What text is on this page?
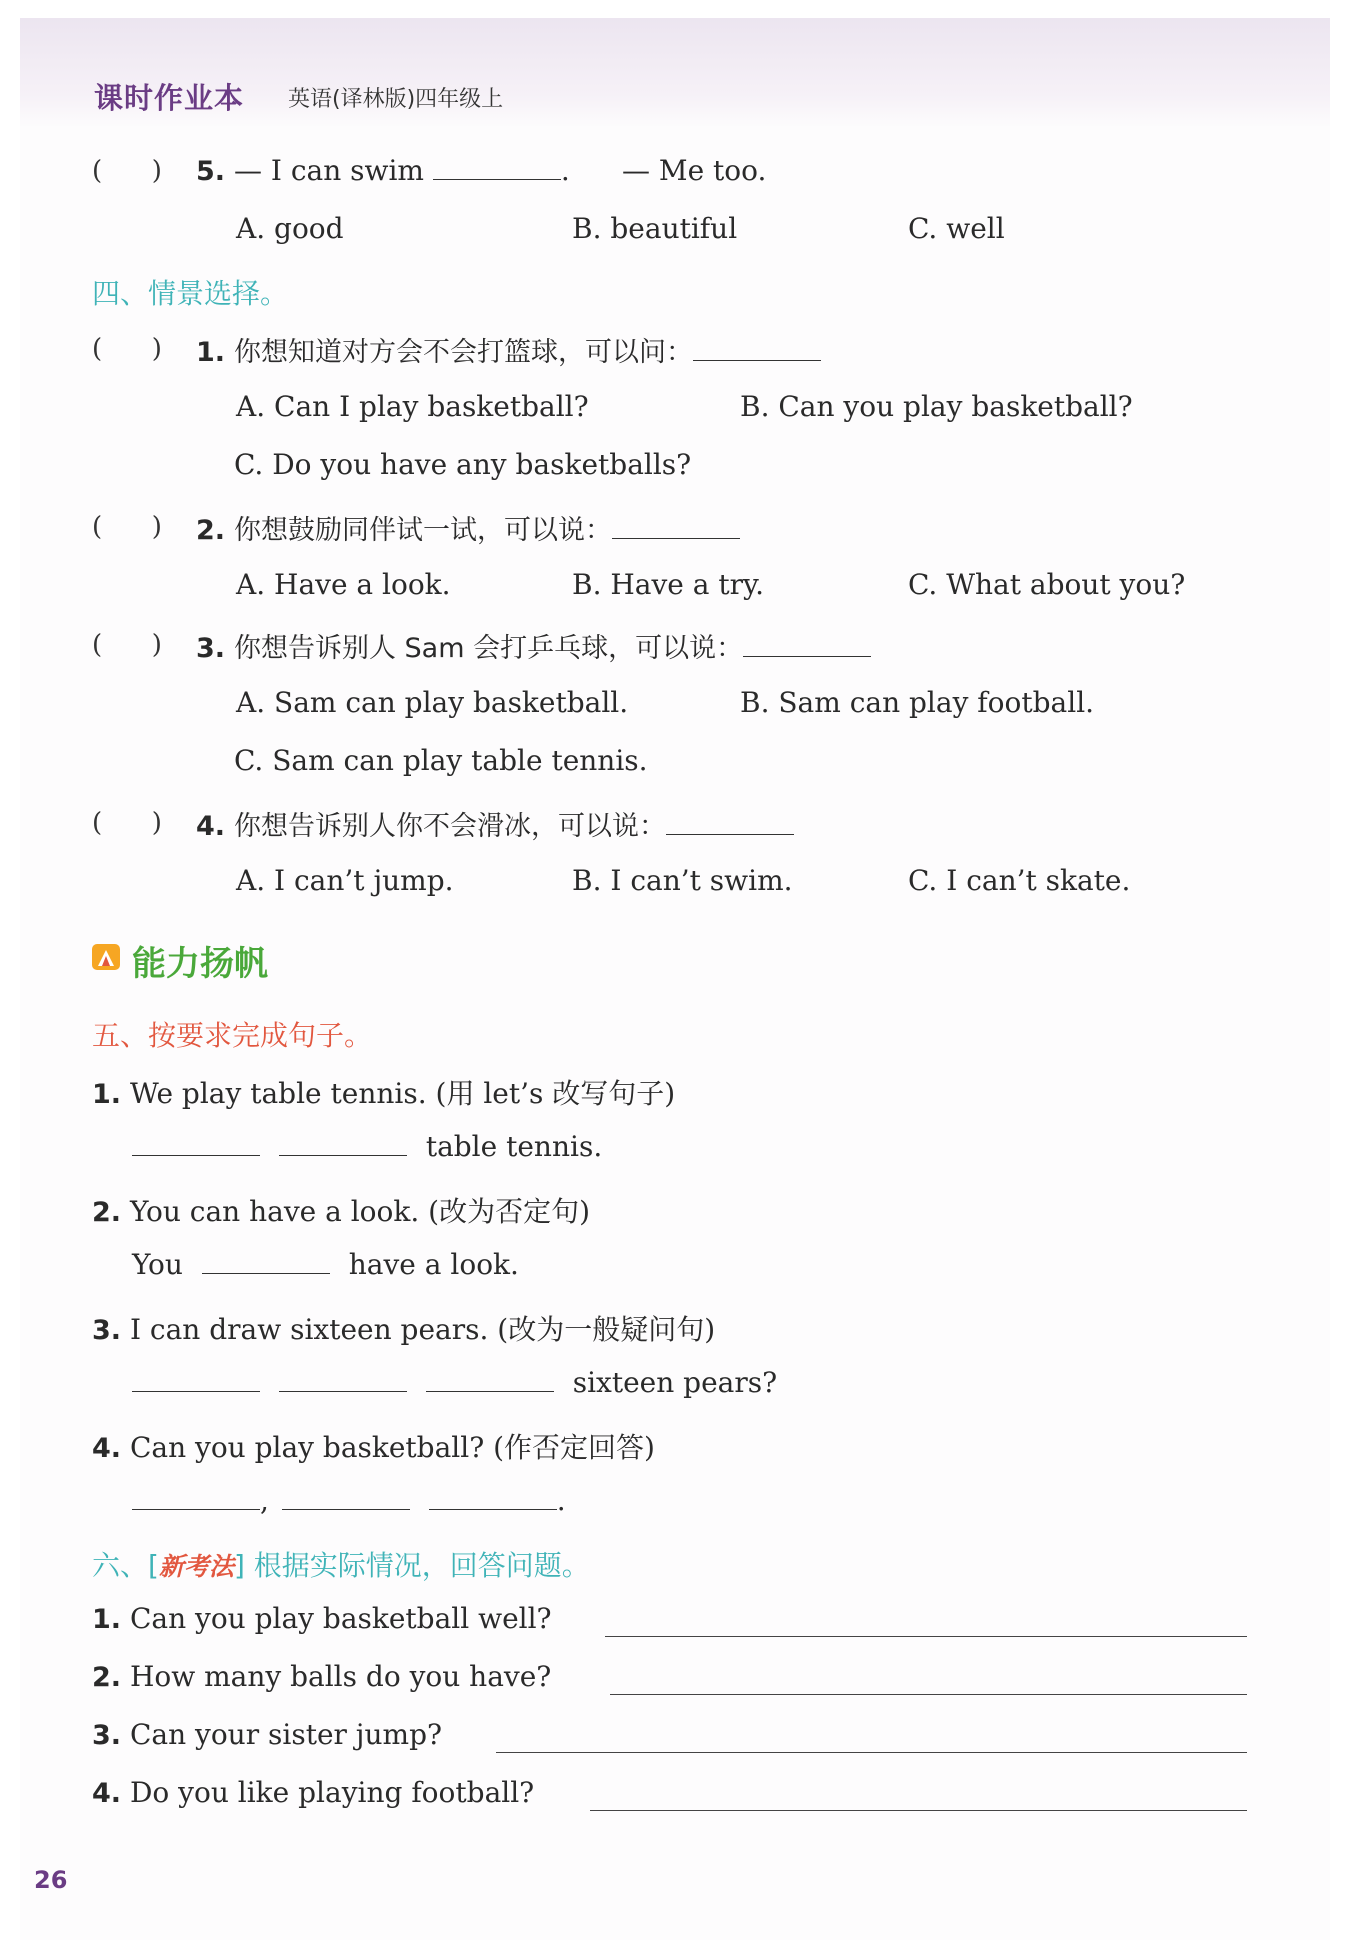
课时作业本 英语(译林版)四年级上
(      ) 5. — I can swim	. — Me too.
A. good	B. beautiful	C. well
四、情景选择。
(      ) 1. 你想知道对方会不会打篮球，可以问：
A. Can I play basketball?	B. Can you play basketball?
C. Do you have any basketballs?
(      ) 2. 你想鼓励同伴试一试，可以说：
A. Have a look.	B. Have a try.	C. What about you?
(      ) 3. 你想告诉别人 Sam 会打乒乓球，可以说：
A. Sam can play basketball.	B. Sam can play football.
C. Sam can play table tennis.
(      ) 4. 你想告诉别人你不会滑冰，可以说：
A. I can’t jump.	B. I can’t swim.	C. I can’t skate.
能力扬帆
五、按要求完成句子。
1. We play table tennis. (用 let’s 改写句子)
table tennis.
2. You can have a look. (改为否定句)
You	have a look.
3. I can draw sixteen pears. (改为一般疑问句)
sixteen pears?
4. Can you play basketball? (作否定回答)
,	.
六、[新考法] 根据实际情况，回答问题。
1. Can you play basketball well?
2. How many balls do you have?
3. Can your sister jump?
4. Do you like playing football?
26
